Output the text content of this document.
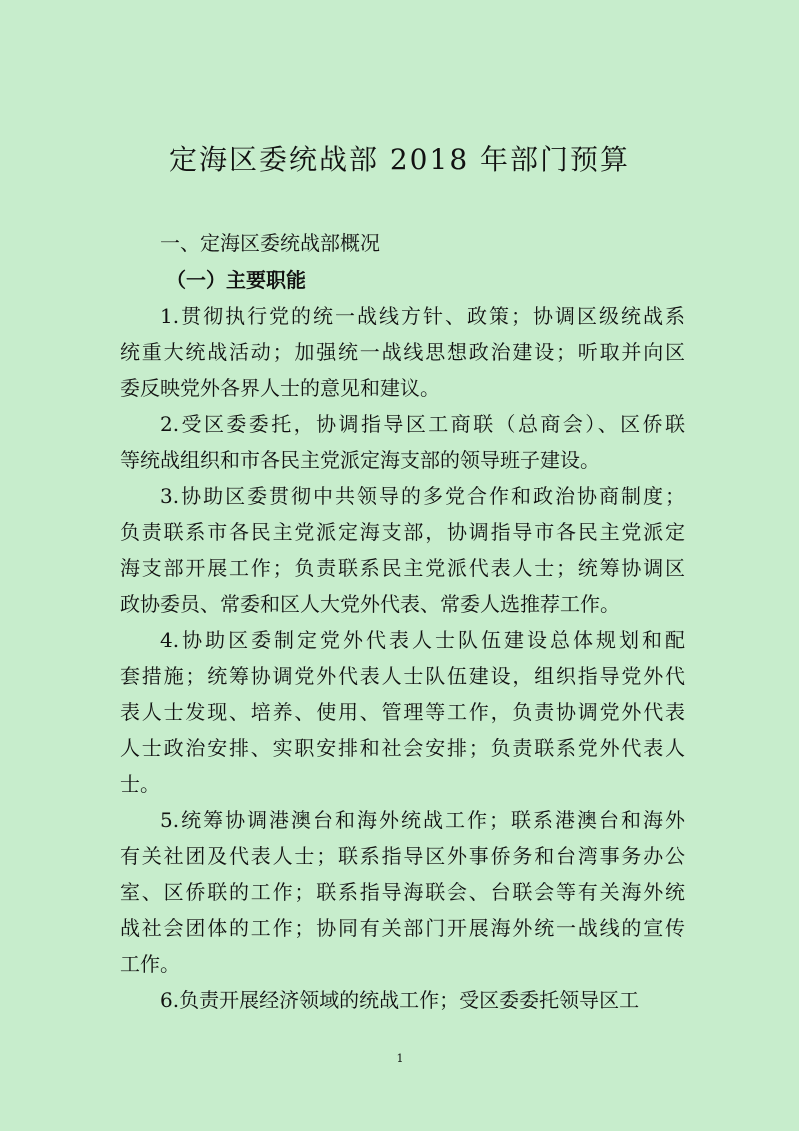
定海区委统战部 2018 年部门预算
一、定海区委统战部概况
（一）主要职能
1.贯彻执行党的统一战线方针、政策；协调区级统战系
统重大统战活动；加强统一战线思想政治建设；听取并向区
委反映党外各界人士的意见和建议。
2.受区委委托，协调指导区工商联（总商会）、区侨联
等统战组织和市各民主党派定海支部的领导班子建设。
3.协助区委贯彻中共领导的多党合作和政治协商制度；
负责联系市各民主党派定海支部，协调指导市各民主党派定
海支部开展工作；负责联系民主党派代表人士；统筹协调区
政协委员、常委和区人大党外代表、常委人选推荐工作。
4.协助区委制定党外代表人士队伍建设总体规划和配
套措施；统筹协调党外代表人士队伍建设，组织指导党外代
表人士发现、培养、使用、管理等工作，负责协调党外代表
人士政治安排、实职安排和社会安排；负责联系党外代表人
士。
5.统筹协调港澳台和海外统战工作；联系港澳台和海外
有关社团及代表人士；联系指导区外事侨务和台湾事务办公
室、区侨联的工作；联系指导海联会、台联会等有关海外统
战社会团体的工作；协同有关部门开展海外统一战线的宣传
工作。
6.负责开展经济领域的统战工作；受区委委托领导区工
1
